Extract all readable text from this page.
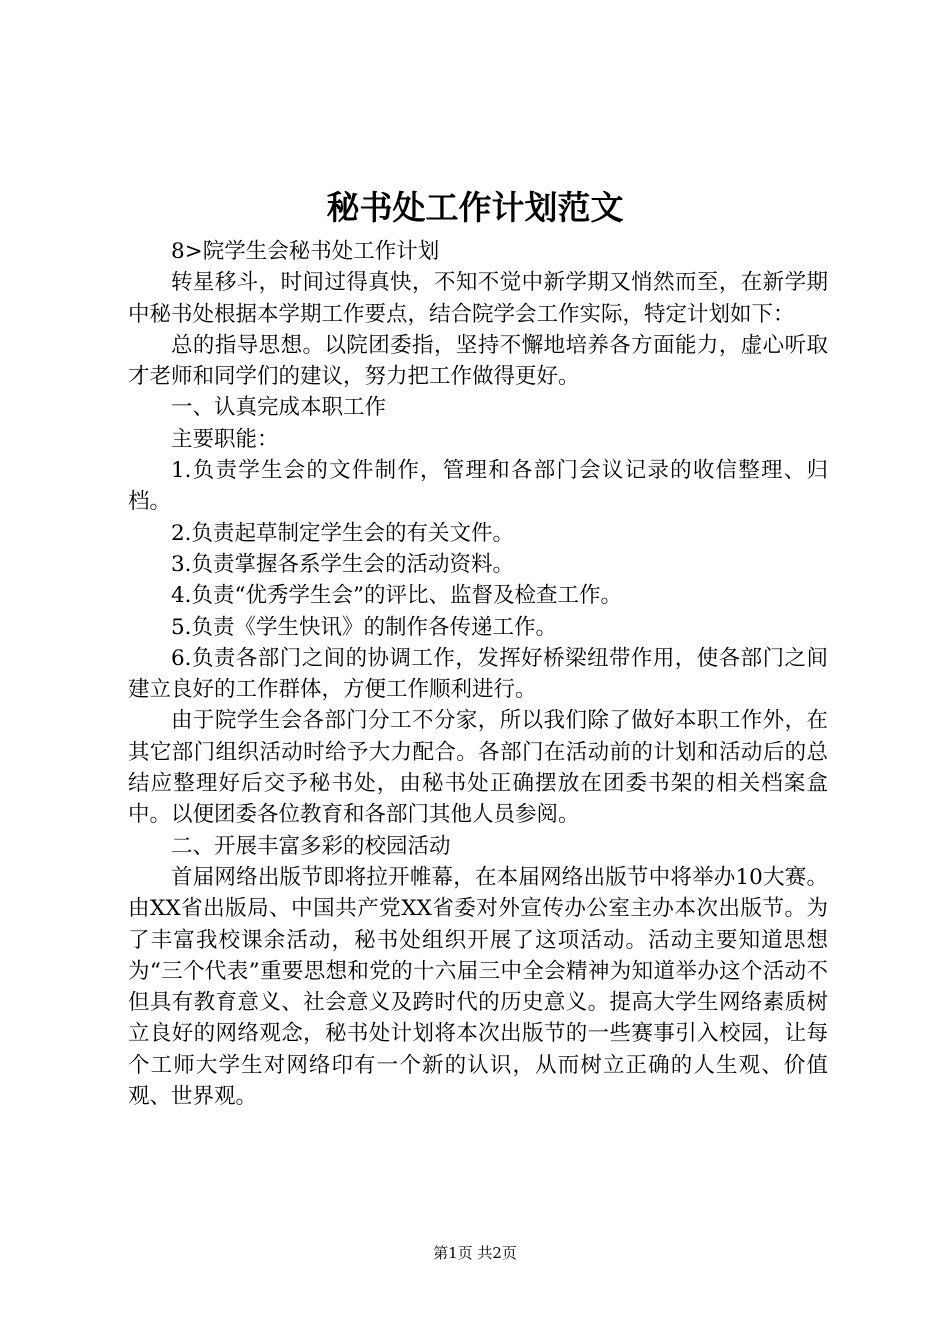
秘书处工作计划范文

8>院学生会秘书处工作计划

转星移斗，时间过得真快，不知不觉中新学期又悄然而至，在新学期中秘书处根据本学期工作要点，结合院学会工作实际，特定计划如下：

总的指导思想。以院团委指，坚持不懈地培养各方面能力，虚心听取才老师和同学们的建议，努力把工作做得更好。

一、认真完成本职工作

主要职能：

1.负责学生会的文件制作，管理和各部门会议记录的收信整理、归档。

2.负责起草制定学生会的有关文件。

3.负责掌握各系学生会的活动资料。

4.负责“优秀学生会”的评比、监督及检查工作。

5.负责《学生快讯》的制作各传递工作。

6.负责各部门之间的协调工作，发挥好桥梁纽带作用，使各部门之间建立良好的工作群体，方便工作顺利进行。

由于院学生会各部门分工不分家，所以我们除了做好本职工作外，在其它部门组织活动时给予大力配合。各部门在活动前的计划和活动后的总结应整理好后交予秘书处，由秘书处正确摆放在团委书架的相关档案盒中。以便团委各位教育和各部门其他人员参阅。

二、开展丰富多彩的校园活动

首届网络出版节即将拉开帷幕，在本届网络出版节中将举办10大赛。由XX省出版局、中国共产党XX省委对外宣传办公室主办本次出版节。为了丰富我校课余活动，秘书处组织开展了这项活动。活动主要知道思想为“三个代表”重要思想和党的十六届三中全会精神为知道举办这个活动不但具有教育意义、社会意义及跨时代的历史意义。提高大学生网络素质树立良好的网络观念，秘书处计划将本次出版节的一些赛事引入校园，让每个工师大学生对网络印有一个新的认识，从而树立正确的人生观、价值观、世界观。

第1页 共2页
